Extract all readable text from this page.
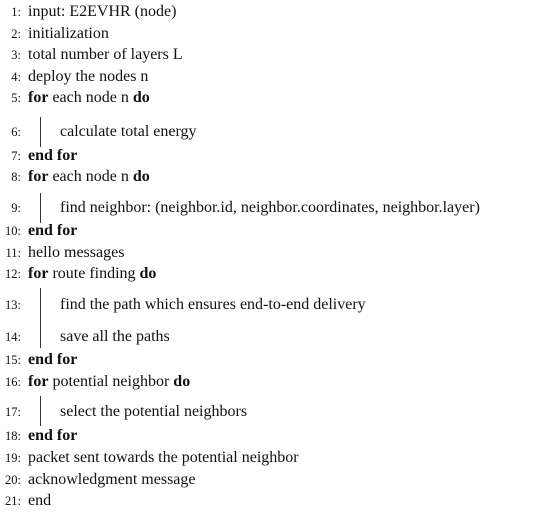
1: input: E2EVHR (node)
2: initialization
3: total number of layers L
4: deploy the nodes n
5: for each node n do
6: calculate total energy
7: end for
8: for each node n do
9: find neighbor: (neighbor.id, neighbor.coordinates, neighbor.layer)
10: end for
11: hello messages
12: for route finding do
13: find the path which ensures end-to-end delivery
14: save all the paths
15: end for
16: for potential neighbor do
17: select the potential neighbors
18: end for
19: packet sent towards the potential neighbor
20: acknowledgment message
21: end
